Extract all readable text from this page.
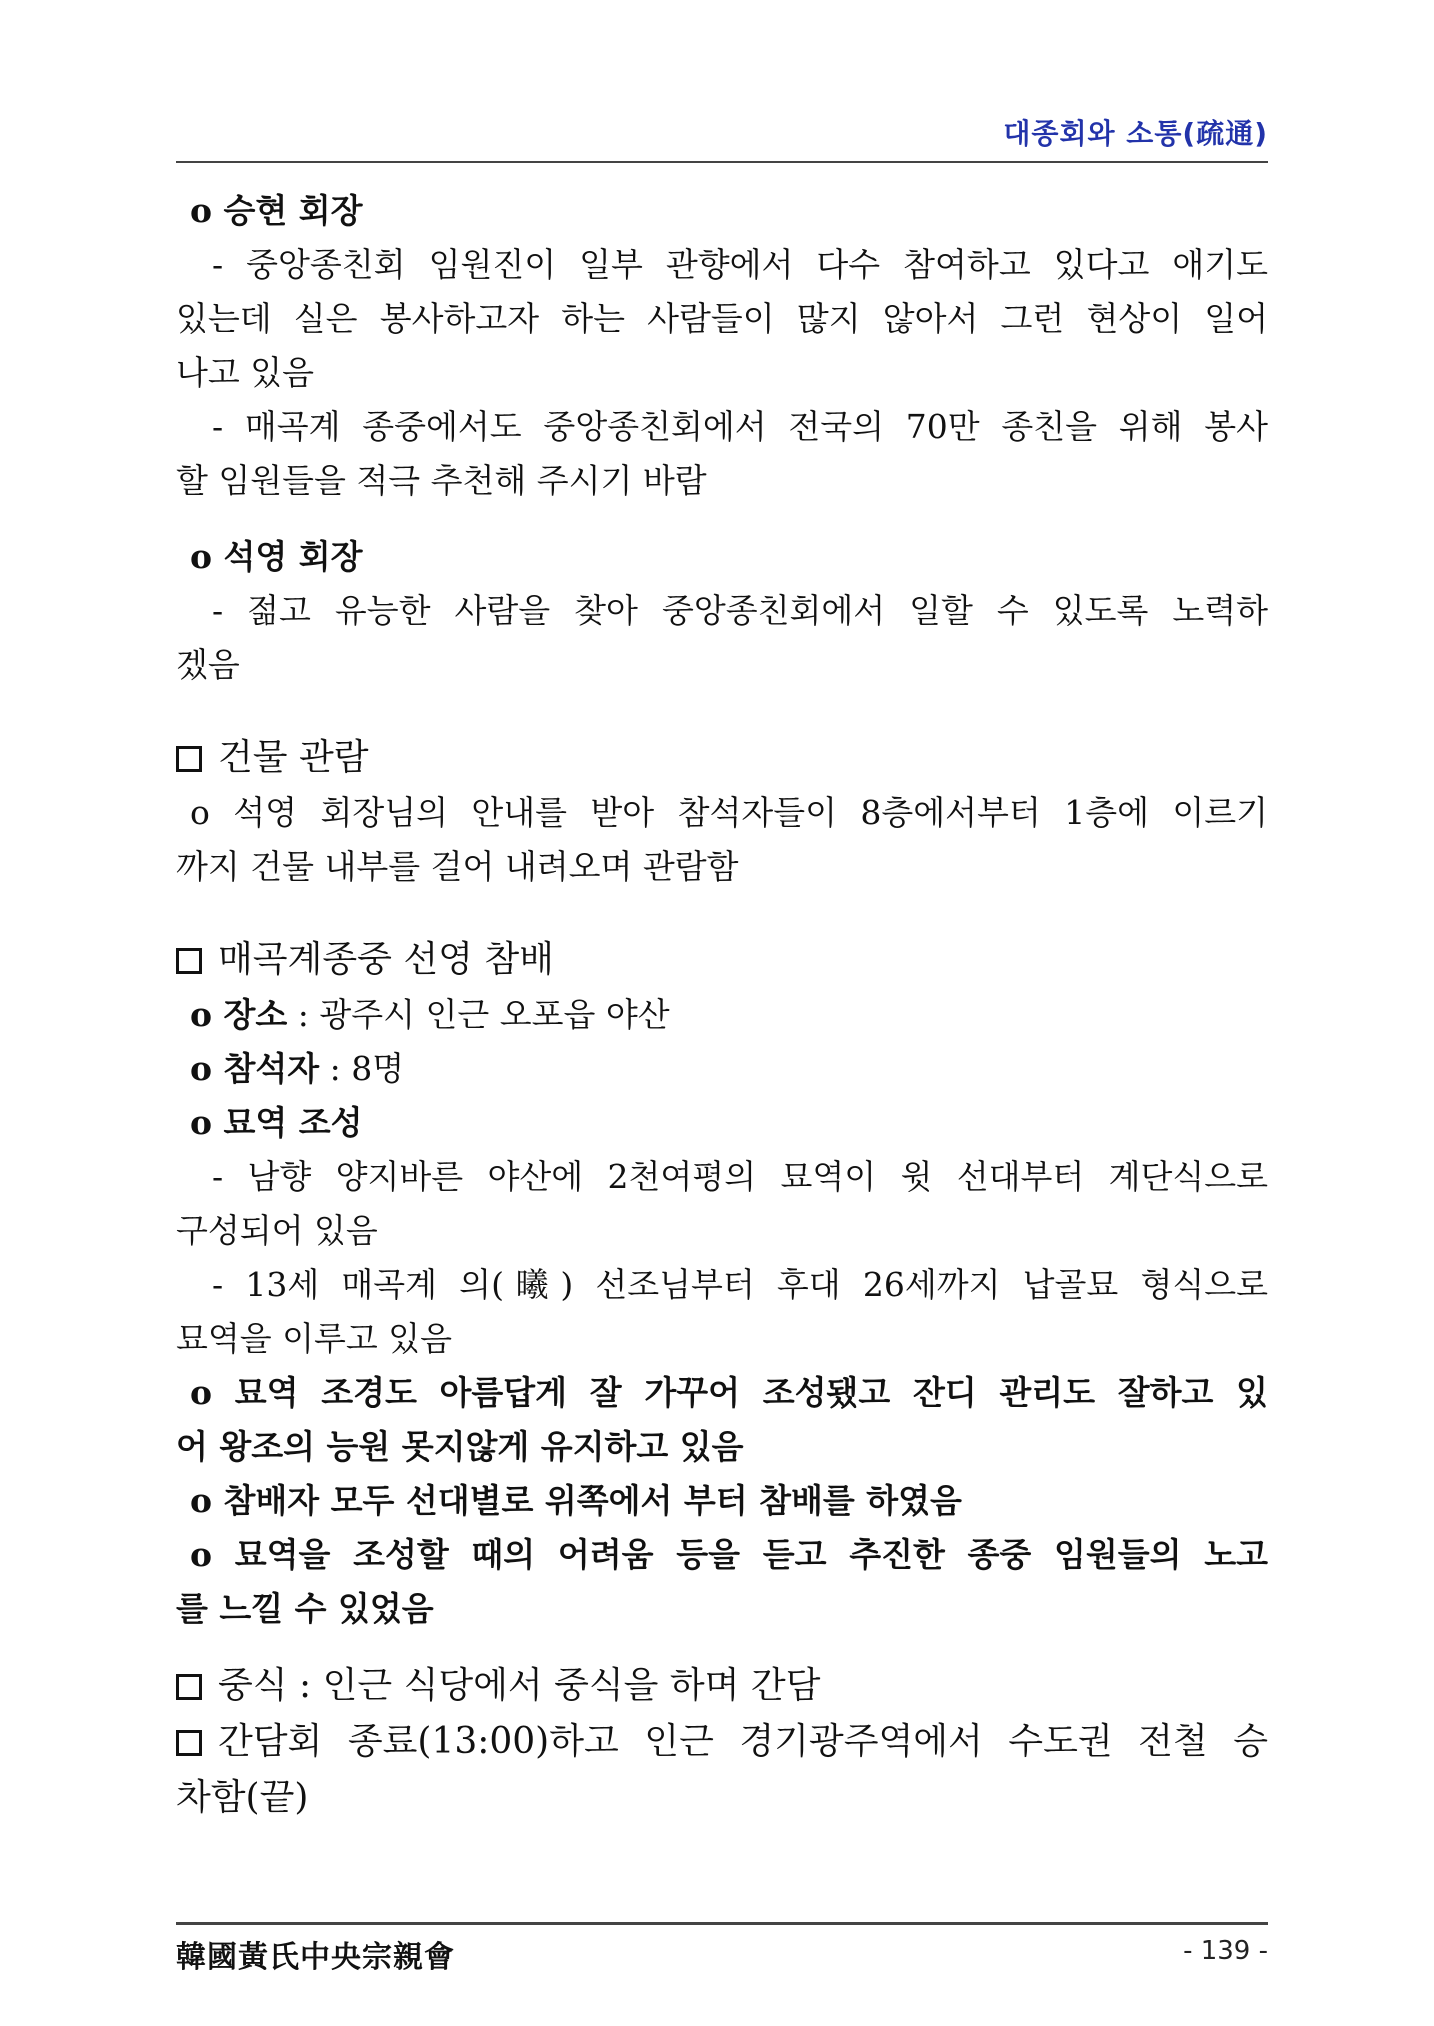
대종회와 소통(疏通)
o 승현 회장
- 중앙종친회 임원진이 일부 관향에서 다수 참여하고 있다고 애기도
있는데 실은 봉사하고자 하는 사람들이 많지 않아서 그런 현상이 일어
나고 있음
- 매곡계 종중에서도 중앙종친회에서 전국의 70만 종친을 위해 봉사
할 임원들을 적극 추천해 주시기 바람
o 석영 회장
- 젊고 유능한 사람을 찾아 중앙종친회에서 일할 수 있도록 노력하
겠음
건물 관람
o 석영 회장님의 안내를 받아 참석자들이 8층에서부터 1층에 이르기
까지 건물 내부를 걸어 내려오며 관람함
매곡계종중 선영 참배
o 장소 : 광주시 인근 오포읍 야산
o 참석자 : 8명
o 묘역 조성
- 남향 양지바른 야산에 2천여평의 묘역이 윗 선대부터 계단식으로
구성되어 있음
- 13세 매곡계 의(曦) 선조님부터 후대 26세까지 납골묘 형식으로
묘역을 이루고 있음
o 묘역 조경도 아름답게 잘 가꾸어 조성됐고 잔디 관리도 잘하고 있
어 왕조의 능원 못지않게 유지하고 있음
o 참배자 모두 선대별로 위쪽에서 부터 참배를 하였음
o 묘역을 조성할 때의 어려움 등을 듣고 추진한 종중 임원들의 노고
를 느낄 수 있었음
중식 : 인근 식당에서 중식을 하며 간담
간담회 종료(13:00)하고 인근 경기광주역에서 수도권 전철 승
차함(끝)
韓國黃氏中央宗親會	- 139 -
